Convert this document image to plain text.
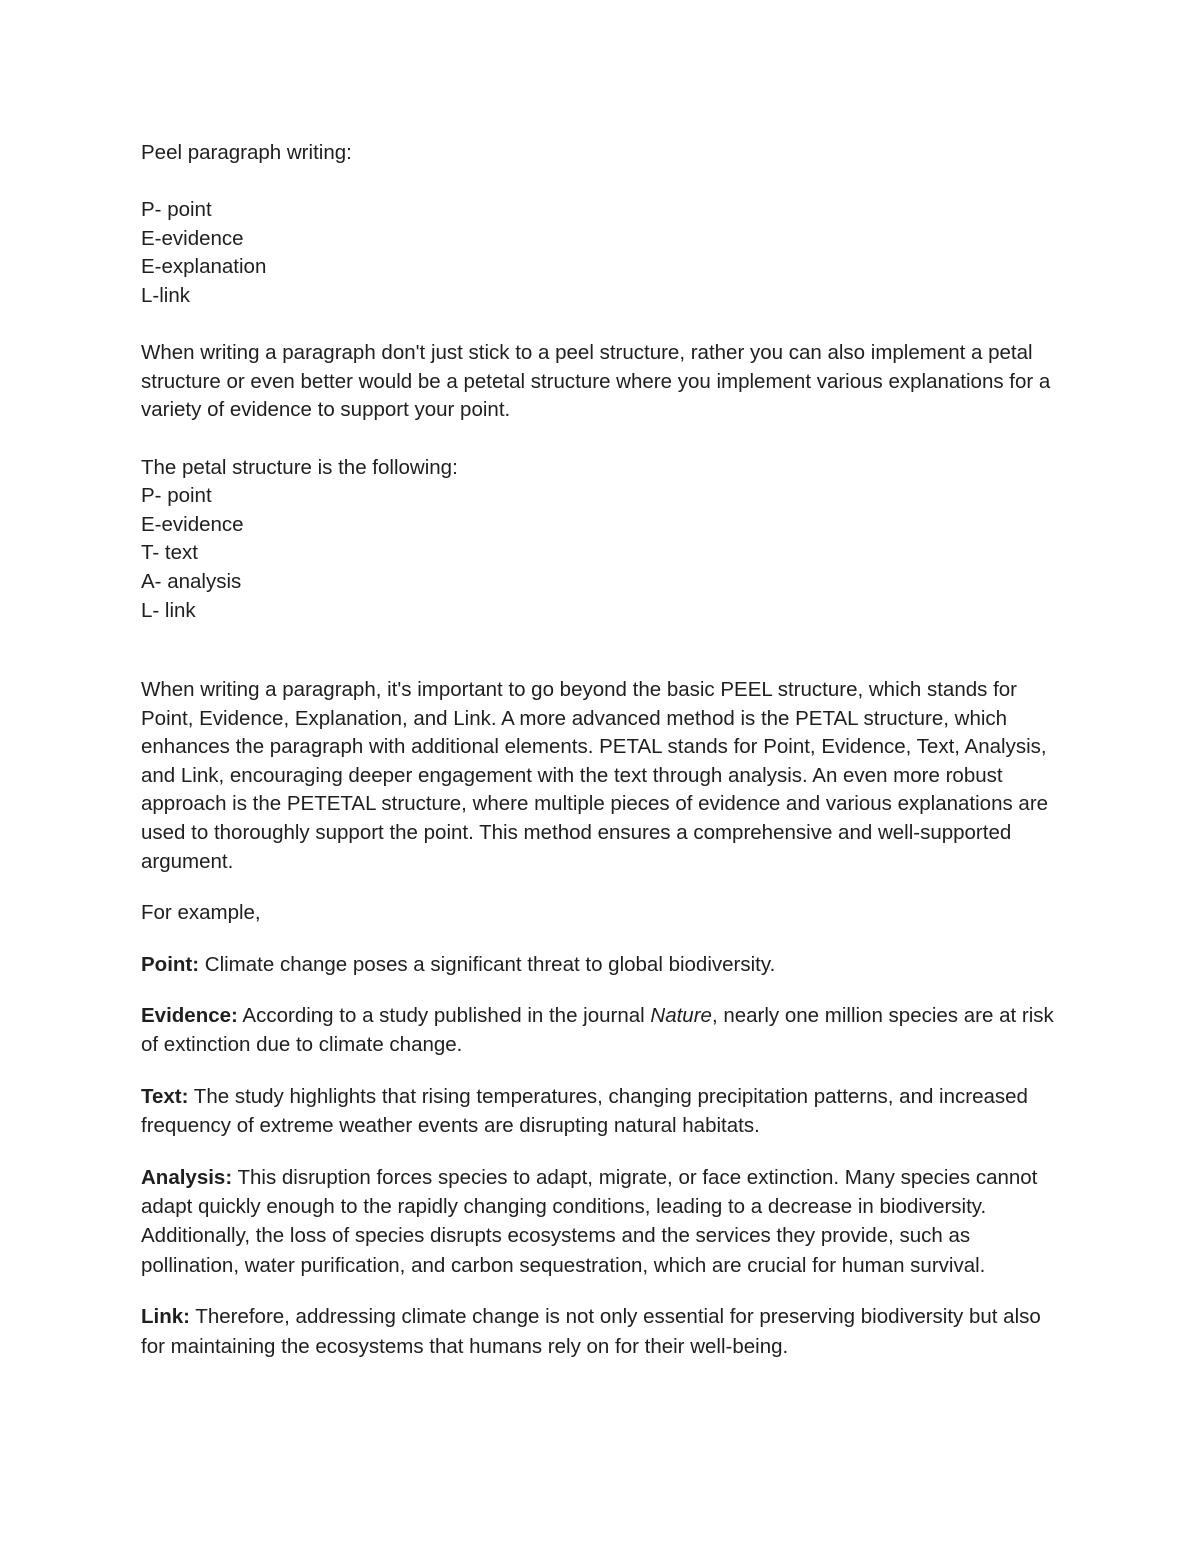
Peel paragraph writing:
P- point
E-evidence
E-explanation
L-link
When writing a paragraph don't just stick to a peel structure, rather you can also implement a petal structure or even better would be a petetal structure where you implement various explanations for a variety of evidence to support your point.
The petal structure is the following:
P- point
E-evidence
T- text
A- analysis
L- link
When writing a paragraph, it's important to go beyond the basic PEEL structure, which stands for Point, Evidence, Explanation, and Link. A more advanced method is the PETAL structure, which enhances the paragraph with additional elements. PETAL stands for Point, Evidence, Text, Analysis, and Link, encouraging deeper engagement with the text through analysis. An even more robust approach is the PETETAL structure, where multiple pieces of evidence and various explanations are used to thoroughly support the point. This method ensures a comprehensive and well-supported argument.
For example,
Point: Climate change poses a significant threat to global biodiversity.
Evidence: According to a study published in the journal Nature, nearly one million species are at risk of extinction due to climate change.
Text: The study highlights that rising temperatures, changing precipitation patterns, and increased frequency of extreme weather events are disrupting natural habitats.
Analysis: This disruption forces species to adapt, migrate, or face extinction. Many species cannot adapt quickly enough to the rapidly changing conditions, leading to a decrease in biodiversity. Additionally, the loss of species disrupts ecosystems and the services they provide, such as pollination, water purification, and carbon sequestration, which are crucial for human survival.
Link: Therefore, addressing climate change is not only essential for preserving biodiversity but also for maintaining the ecosystems that humans rely on for their well-being.
